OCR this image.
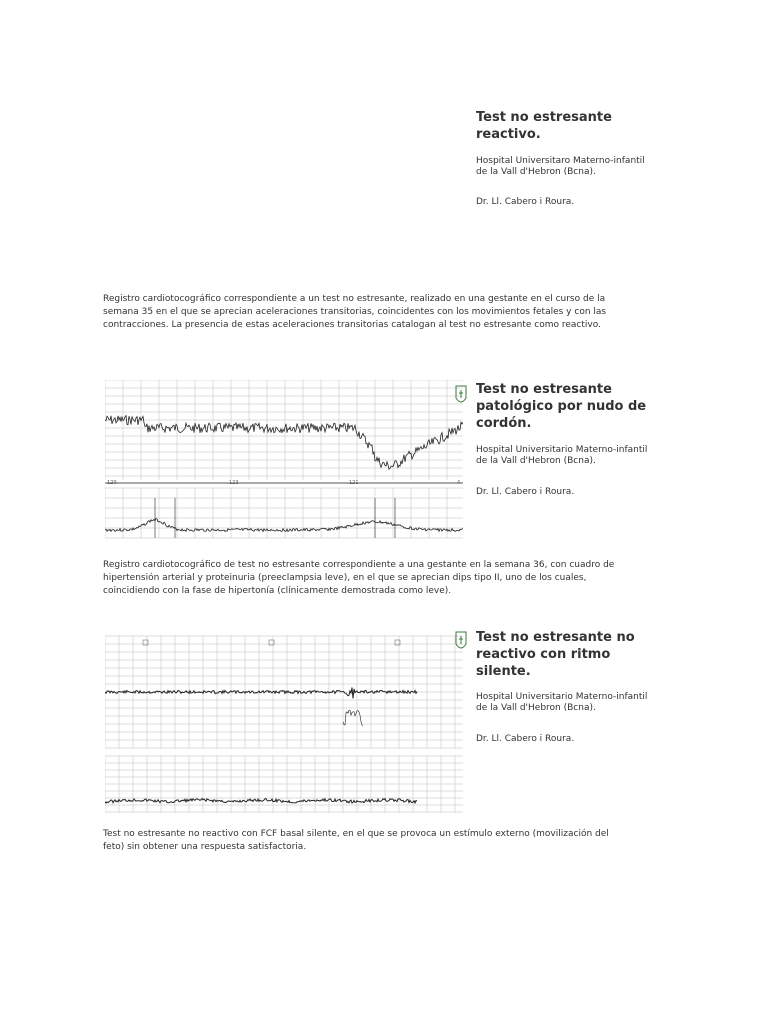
Test no estresante

reactivo.

Hospital Universitaro Materno-infantil

de la Vall d'Hebron (Bcna).

Dr. Ll. Cabero i Roura.

Registro cardiotocográfico correspondiente a un test no estresante, realizado en una gestante en el curso de la

semana 35 en el que se aprecian aceleraciones transitorias, coincidentes con los movimientos fetales y con las

contracciones. La presencia de estas aceleraciones transitorias catalogan al test no estresante como reactivo.

120	123	121	4

Test no estresante

patológico por nudo de

cordón.

Hospital Universitario Materno-infantil

de la Vall d'Hebron (Bcna).

Dr. Ll. Cabero i Roura.

Registro cardiotocográfico de test no estresante correspondiente a una gestante en la semana 36, con cuadro de

hipertensión arterial y proteinuria (preeclampsia leve), en el que se aprecian dips tipo II, uno de los cuales,

coincidiendo con la fase de hipertonía (clínicamente demostrada como leve).

Test no estresante no

reactivo con ritmo

silente.

Hospital Universitario Materno-infantil

de la Vall d'Hebron (Bcna).

Dr. Ll. Cabero i Roura.

Test no estresante no reactivo con FCF basal silente, en el que se provoca un estímulo externo (movilización del

feto) sin obtener una respuesta satisfactoria.
